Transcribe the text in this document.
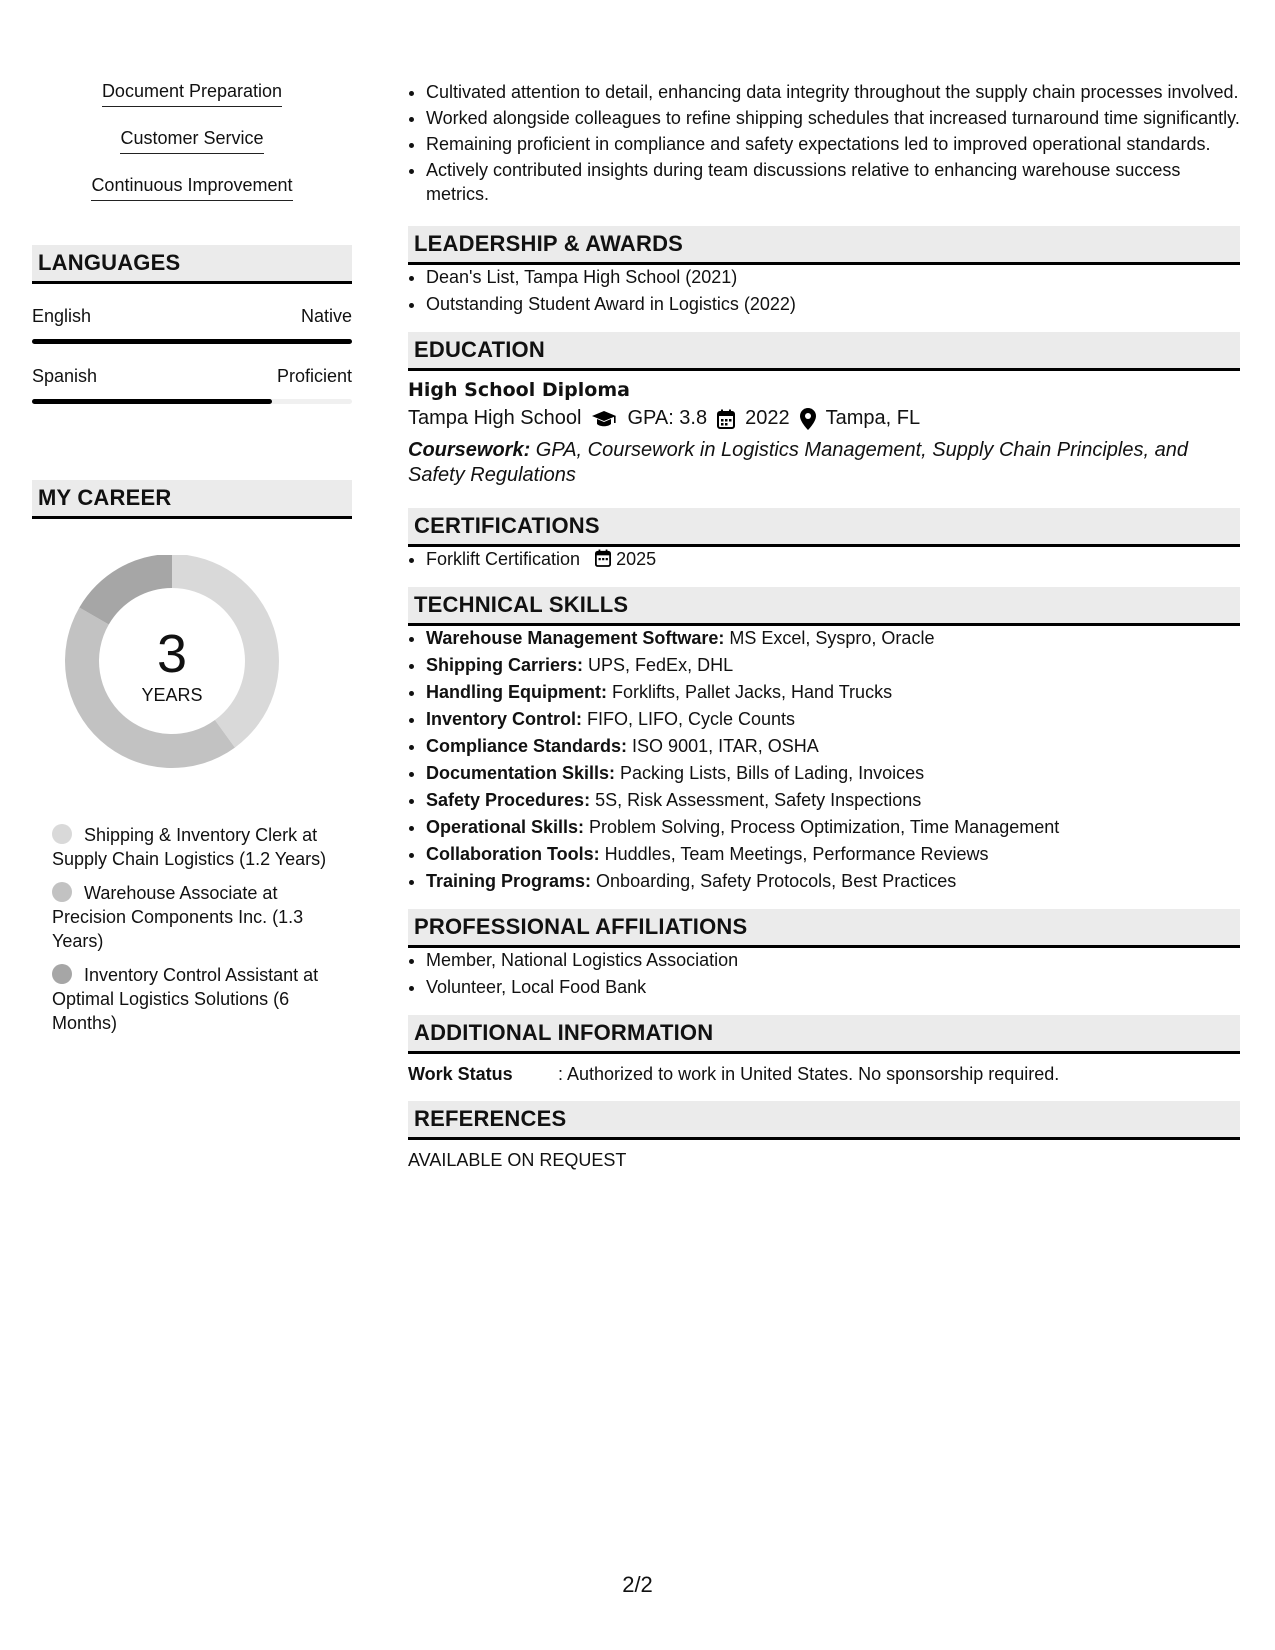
Document Preparation
Customer Service
Continuous Improvement
LANGUAGES
English	Native
Spanish	Proficient
MY CAREER
3
YEARS
Shipping & Inventory Clerk at Supply Chain Logistics (1.2 Years)
Warehouse Associate at Precision Components Inc. (1.3 Years)
Inventory Control Assistant at Optimal Logistics Solutions (6 Months)
• Cultivated attention to detail, enhancing data integrity throughout the supply chain processes involved.
• Worked alongside colleagues to refine shipping schedules that increased turnaround time significantly.
• Remaining proficient in compliance and safety expectations led to improved operational standards.
• Actively contributed insights during team discussions relative to enhancing warehouse success metrics.
LEADERSHIP & AWARDS
• Dean's List, Tampa High School (2021)
• Outstanding Student Award in Logistics (2022)
EDUCATION
High School Diploma
Tampa High School GPA: 3.8 2022 Tampa, FL
Coursework: GPA, Coursework in Logistics Management, Supply Chain Principles, and Safety Regulations
CERTIFICATIONS
• Forklift Certification 2025
TECHNICAL SKILLS
• Warehouse Management Software: MS Excel, Syspro, Oracle
• Shipping Carriers: UPS, FedEx, DHL
• Handling Equipment: Forklifts, Pallet Jacks, Hand Trucks
• Inventory Control: FIFO, LIFO, Cycle Counts
• Compliance Standards: ISO 9001, ITAR, OSHA
• Documentation Skills: Packing Lists, Bills of Lading, Invoices
• Safety Procedures: 5S, Risk Assessment, Safety Inspections
• Operational Skills: Problem Solving, Process Optimization, Time Management
• Collaboration Tools: Huddles, Team Meetings, Performance Reviews
• Training Programs: Onboarding, Safety Protocols, Best Practices
PROFESSIONAL AFFILIATIONS
• Member, National Logistics Association
• Volunteer, Local Food Bank
ADDITIONAL INFORMATION
Work Status	: Authorized to work in United States. No sponsorship required.
REFERENCES
AVAILABLE ON REQUEST
2/2
